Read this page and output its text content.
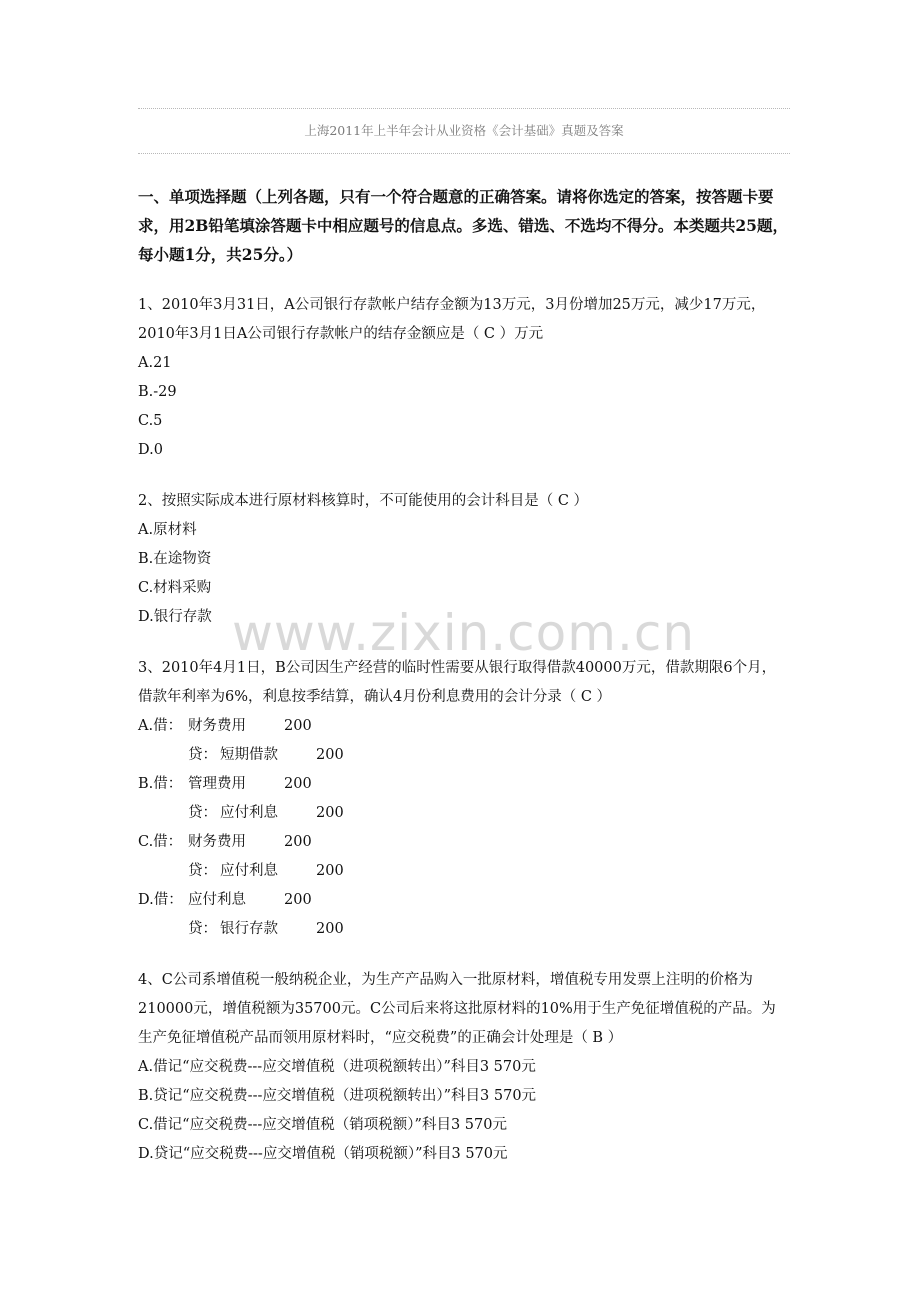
上海2011年上半年会计从业资格《会计基础》真题及答案
一、单项选择题（上列各题，只有一个符合题意的正确答案。请将你选定的答案，按答题卡要求，用2B铅笔填涂答题卡中相应题号的信息点。多选、错选、不选均不得分。本类题共25题，每小题1分，共25分。）
1、2010年3月31日，A公司银行存款帐户结存金额为13万元，3月份增加25万元，减少17万元，2010年3月1日A公司银行存款帐户的结存金额应是（ C ）万元
A.21
B.-29
C.5
D.0
2、按照实际成本进行原材料核算时，不可能使用的会计科目是（ C ）
A.原材料
B.在途物资
C.材料采购
D.银行存款
3、2010年4月1日，B公司因生产经营的临时性需要从银行取得借款40000万元，借款期限6个月，借款年利率为6%，利息按季结算，确认4月份利息费用的会计分录（ C ）
A.借： 财务费用	200
贷： 短期借款	200
B.借： 管理费用	200
贷： 应付利息	200
C.借： 财务费用	200
贷： 应付利息	200
D.借： 应付利息	200
贷： 银行存款	200
4、C公司系增值税一般纳税企业，为生产产品购入一批原材料，增值税专用发票上注明的价格为210000元，增值税额为35700元。C公司后来将这批原材料的10%用于生产免征增值税的产品。为生产免征增值税产品而领用原材料时，“应交税费”的正确会计处理是（ B ）
A.借记“应交税费---应交增值税（进项税额转出）”科目3 570元
B.贷记“应交税费---应交增值税（进项税额转出）”科目3 570元
C.借记“应交税费---应交增值税（销项税额）”科目3 570元
D.贷记“应交税费---应交增值税（销项税额）”科目3 570元
www.zixin.com.cn
